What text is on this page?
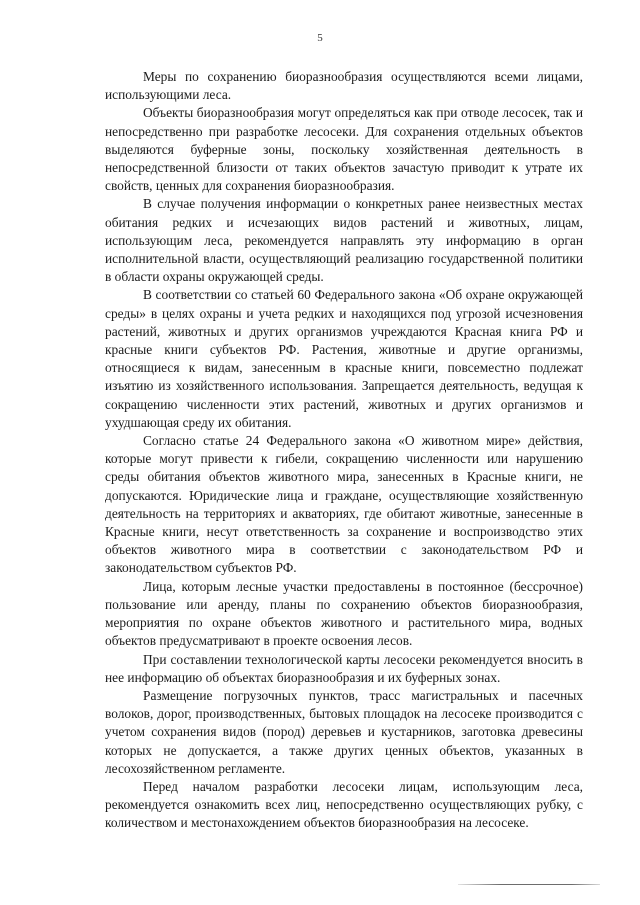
5

Меры по сохранению биоразнообразия осуществляются всеми лицами, использующими леса.

Объекты биоразнообразия могут определяться как при отводе лесосек, так и непосредственно при разработке лесосеки. Для сохранения отдельных объектов выделяются буферные зоны, поскольку хозяйственная деятельность в непосредственной близости от таких объектов зачастую приводит к утрате их свойств, ценных для сохранения биоразнообразия.

В случае получения информации о конкретных ранее неизвестных местах обитания редких и исчезающих видов растений и животных, лицам, использующим леса, рекомендуется направлять эту информацию в орган исполнительной власти, осуществляющий реализацию государственной политики в области охраны окружающей среды.

В соответствии со статьей 60 Федерального закона «Об охране окружающей среды» в целях охраны и учета редких и находящихся под угрозой исчезновения растений, животных и других организмов учреждаются Красная книга РФ и красные книги субъектов РФ. Растения, животные и другие организмы, относящиеся к видам, занесенным в красные книги, повсеместно подлежат изъятию из хозяйственного использования. Запрещается деятельность, ведущая к сокращению численности этих растений, животных и других организмов и ухудшающая среду их обитания.

Согласно статье 24 Федерального закона «О животном мире» действия, которые могут привести к гибели, сокращению численности или нарушению среды обитания объектов животного мира, занесенных в Красные книги, не допускаются. Юридические лица и граждане, осуществляющие хозяйственную деятельность на территориях и акваториях, где обитают животные, занесенные в Красные книги, несут ответственность за сохранение и воспроизводство этих объектов животного мира в соответствии с законодательством РФ и законодательством субъектов РФ.

Лица, которым лесные участки предоставлены в постоянное (бессрочное) пользование или аренду, планы по сохранению объектов биоразнообразия, мероприятия по охране объектов животного и растительного мира, водных объектов предусматривают в проекте освоения лесов.

При составлении технологической карты лесосеки рекомендуется вносить в нее информацию об объектах биоразнообразия и их буферных зонах.

Размещение погрузочных пунктов, трасс магистральных и пасечных волоков, дорог, производственных, бытовых площадок на лесосеке производится с учетом сохранения видов (пород) деревьев и кустарников, заготовка древесины которых не допускается, а также других ценных объектов, указанных в лесохозяйственном регламенте.

Перед началом разработки лесосеки лицам, использующим леса, рекомендуется ознакомить всех лиц, непосредственно осуществляющих рубку, с количеством и местонахождением объектов биоразнообразия на лесосеке.
